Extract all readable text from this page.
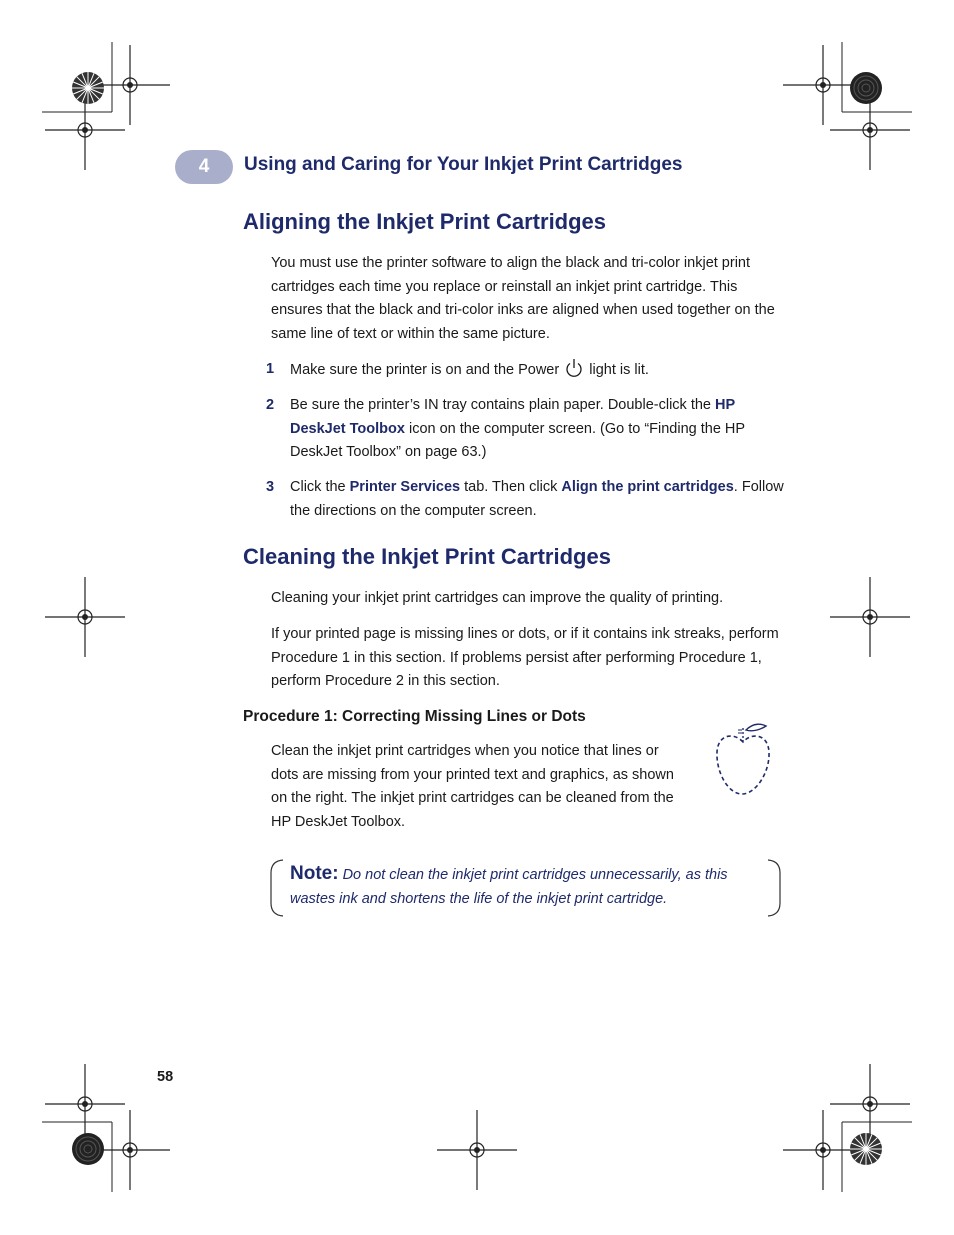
4	Using and Caring for Your Inkjet Print Cartridges
Aligning the Inkjet Print Cartridges
You must use the printer software to align the black and tri-color inkjet print cartridges each time you replace or reinstall an inkjet print cartridge. This ensures that the black and tri-color inks are aligned when used together on the same line of text or within the same picture.
1 Make sure the printer is on and the Power light is lit.
2 Be sure the printer’s IN tray contains plain paper. Double-click the HP DeskJet Toolbox icon on the computer screen. (Go to “Finding the HP DeskJet Toolbox” on page 63.)
3 Click the Printer Services tab. Then click Align the print cartridges. Follow the directions on the computer screen.
Cleaning the Inkjet Print Cartridges
Cleaning your inkjet print cartridges can improve the quality of printing.
If your printed page is missing lines or dots, or if it contains ink streaks, perform Procedure 1 in this section. If problems persist after performing Procedure 1, perform Procedure 2 in this section.
Procedure 1: Correcting Missing Lines or Dots
Clean the inkjet print cartridges when you notice that lines or dots are missing from your printed text and graphics, as shown on the right. The inkjet print cartridges can be cleaned from the HP DeskJet Toolbox.
Note: Do not clean the inkjet print cartridges unnecessarily, as this wastes ink and shortens the life of the inkjet print cartridge.
58
